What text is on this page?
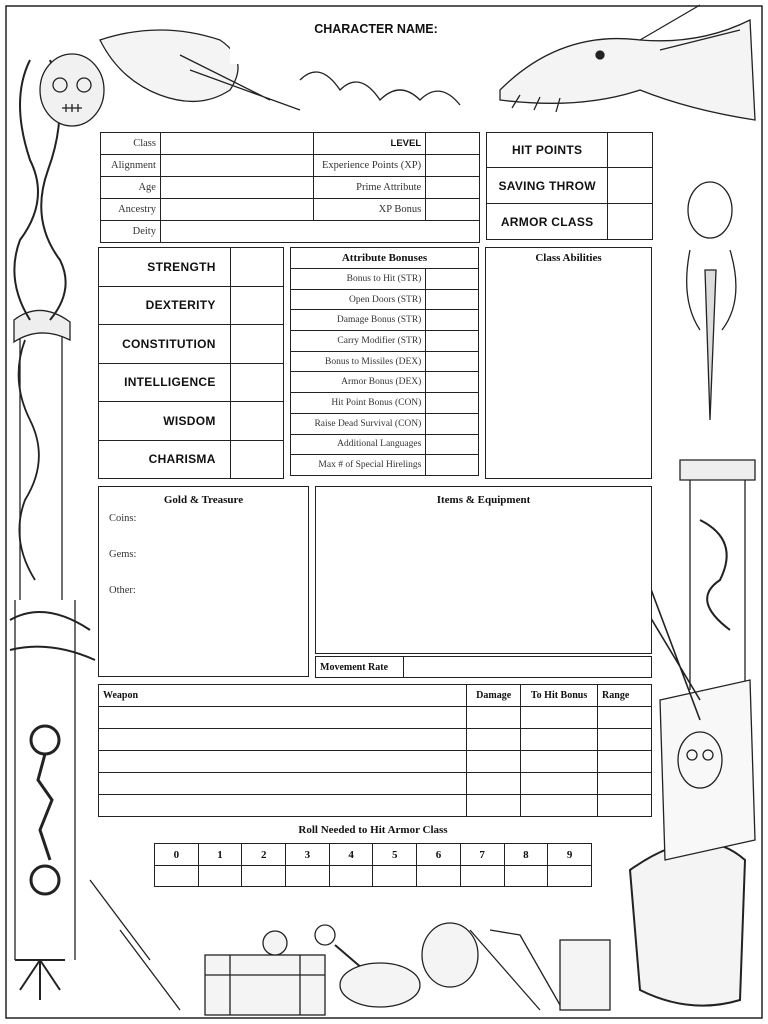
CHARACTER NAME:
Class		LEVEL	
Alignment		Experience Points (XP)	
Age		Prime Attribute	
Ancestry		XP Bonus	
Deity			
HIT POINTS	
SAVING THROW	
ARMOR CLASS	
STRENGTH	
DEXTERITY	
CONSTITUTION	
INTELLIGENCE	
WISDOM	
CHARISMA	
Attribute Bonuses	
Bonus to Hit (STR)	
Open Doors (STR)	
Damage Bonus (STR)	
Carry Modifier (STR)	
Bonus to Missiles (DEX)	
Armor Bonus (DEX)	
Hit Point Bonus (CON)	
Raise Dead Survival (CON)	
Additional Languages	
Max # of Special Hirelings	
Class Abilities
Gold & Treasure
Coins:
Gems:
Other:
Items & Equipment
Movement Rate	
Weapon	Damage	To Hit Bonus	Range

Roll Needed to Hit Armor Class
0	1	2	3	4	5	6	7	8	9
